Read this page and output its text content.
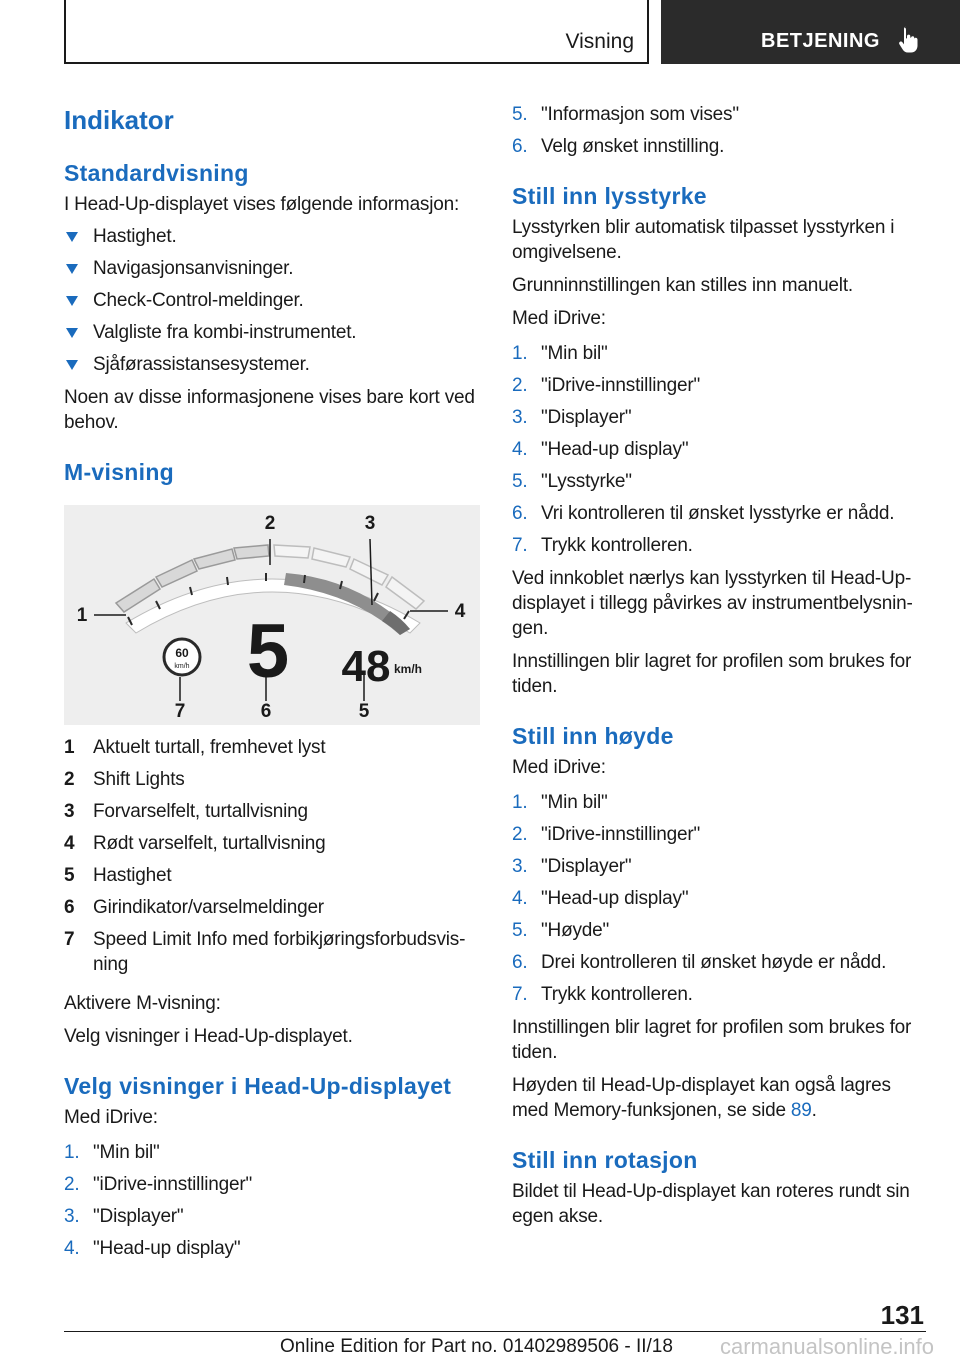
Visning	BETJENING
Indikator
Standardvisning

I Head-Up-displayet vises følgende informasjon:

Hastighet.
Navigasjonsanvisninger.
Check-Control-meldinger.
Valgliste fra kombi-instrumentet.
Sjåførassistansesystemer.

Noen av disse informasjonene vises bare kort ved behov.

M-visning
60
km/h 5 48 km/h
1
2	3
4
5
6
7
1 Aktuelt turtall, fremhevet lyst
2 Shift Lights
3 Forvarselfelt, turtallvisning
4 Rødt varselfelt, turtallvisning
5 Hastighet
6 Girindikator/varselmeldinger
7 Speed Limit Info med forbikjøringsforbudsvis‐ ning

Aktivere M-visning:

Velg visninger i Head-Up-displayet.

Velg visninger i Head-Up-displayet

Med iDrive:

1. "Min bil"
2. "iDrive-innstillinger"
3. "Displayer"
4. "Head-up display"
5. "Informasjon som vises"
6. Velg ønsket innstilling.
Still inn lysstyrke

Lysstyrken blir automatisk tilpasset lysstyrken i omgivelsene.

Grunninnstillingen kan stilles inn manuelt.

Med iDrive:

1. "Min bil"
2. "iDrive-innstillinger"
3. "Displayer"
4. "Head-up display"
5. "Lysstyrke"
6. Vri kontrolleren til ønsket lysstyrke er nådd.
7. Trykk kontrolleren.

Ved innkoblet nærlys kan lysstyrken til Head-Up-displayet i tillegg påvirkes av instrumentbelysnin‐ gen.

Innstillingen blir lagret for profilen som brukes for tiden.

Still inn høyde

Med iDrive:

1. "Min bil"
2. "iDrive-innstillinger"
3. "Displayer"
4. "Head-up display"
5. "Høyde"
6. Drei kontrolleren til ønsket høyde er nådd.
7. Trykk kontrolleren.

Innstillingen blir lagret for profilen som brukes for tiden.

Høyden til Head-Up-displayet kan også lagres med Memory-funksjonen, se side 89.

Still inn rotasjon

Bildet til Head-Up-displayet kan roteres rundt sin egen akse.

131
Online Edition for Part no. 01402989506 - II/18 carmanualsonline.info
